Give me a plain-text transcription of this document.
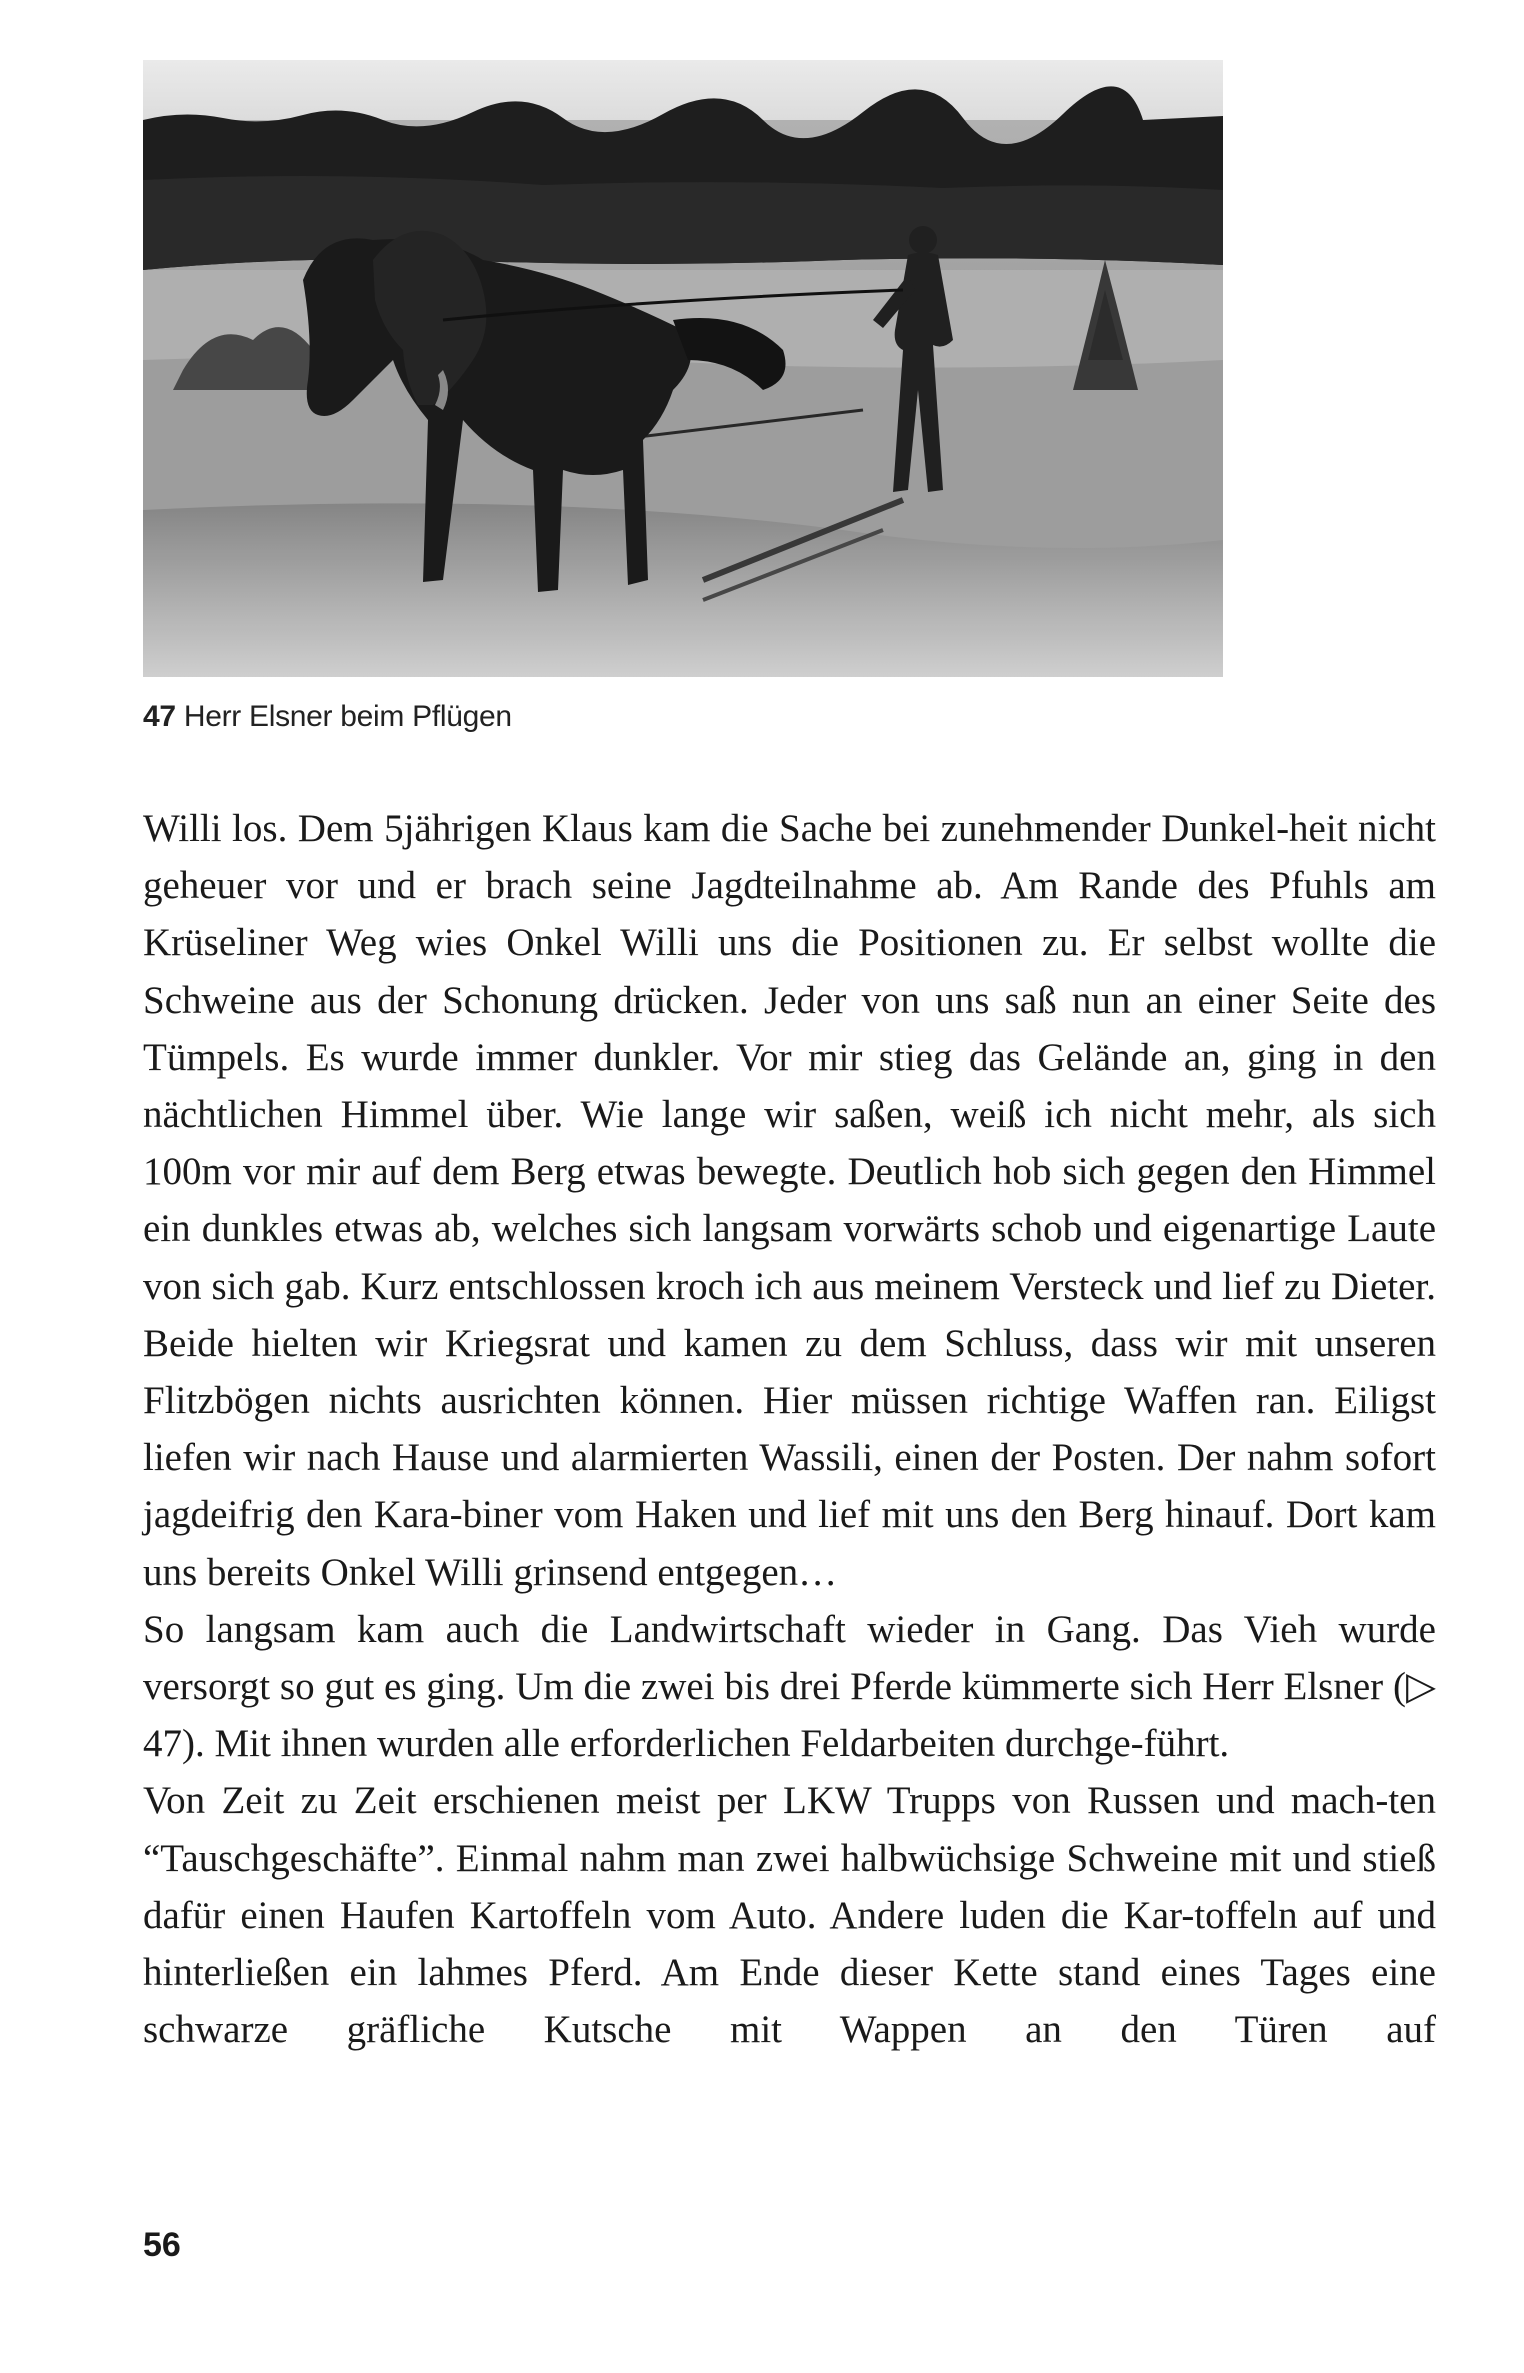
47 Herr Elsner beim Pflügen

Willi los. Dem 5jährigen Klaus kam die Sache bei zunehmender Dunkel-heit nicht geheuer vor und er brach seine Jagdteilnahme ab. Am Rande des Pfuhls am Krüseliner Weg wies Onkel Willi uns die Positionen zu. Er selbst wollte die Schweine aus der Schonung drücken. Jeder von uns saß nun an einer Seite des Tümpels. Es wurde immer dunkler. Vor mir stieg das Gelände an, ging in den nächtlichen Himmel über. Wie lange wir saßen, weiß ich nicht mehr, als sich 100m vor mir auf dem Berg etwas bewegte. Deutlich hob sich gegen den Himmel ein dunkles etwas ab, welches sich langsam vorwärts schob und eigenartige Laute von sich gab. Kurz entschlossen kroch ich aus meinem Versteck und lief zu Dieter. Beide hielten wir Kriegsrat und kamen zu dem Schluss, dass wir mit unseren Flitzbögen nichts ausrichten können. Hier müssen richtige Waffen ran. Eiligst liefen wir nach Hause und alarmierten Wassili, einen der Posten. Der nahm sofort jagdeifrig den Kara-biner vom Haken und lief mit uns den Berg hinauf. Dort kam uns bereits Onkel Willi grinsend entgegen…

So langsam kam auch die Landwirtschaft wieder in Gang. Das Vieh wurde versorgt so gut es ging. Um die zwei bis drei Pferde kümmerte sich Herr Elsner (▷ 47). Mit ihnen wurden alle erforderlichen Feldarbeiten durchge-führt.

Von Zeit zu Zeit erschienen meist per LKW Trupps von Russen und mach-ten “Tauschgeschäfte”. Einmal nahm man zwei halbwüchsige Schweine mit und stieß dafür einen Haufen Kartoffeln vom Auto. Andere luden die Kar-toffeln auf und hinterließen ein lahmes Pferd. Am Ende dieser Kette stand eines Tages eine schwarze gräfliche Kutsche mit Wappen an den Türen auf

56
